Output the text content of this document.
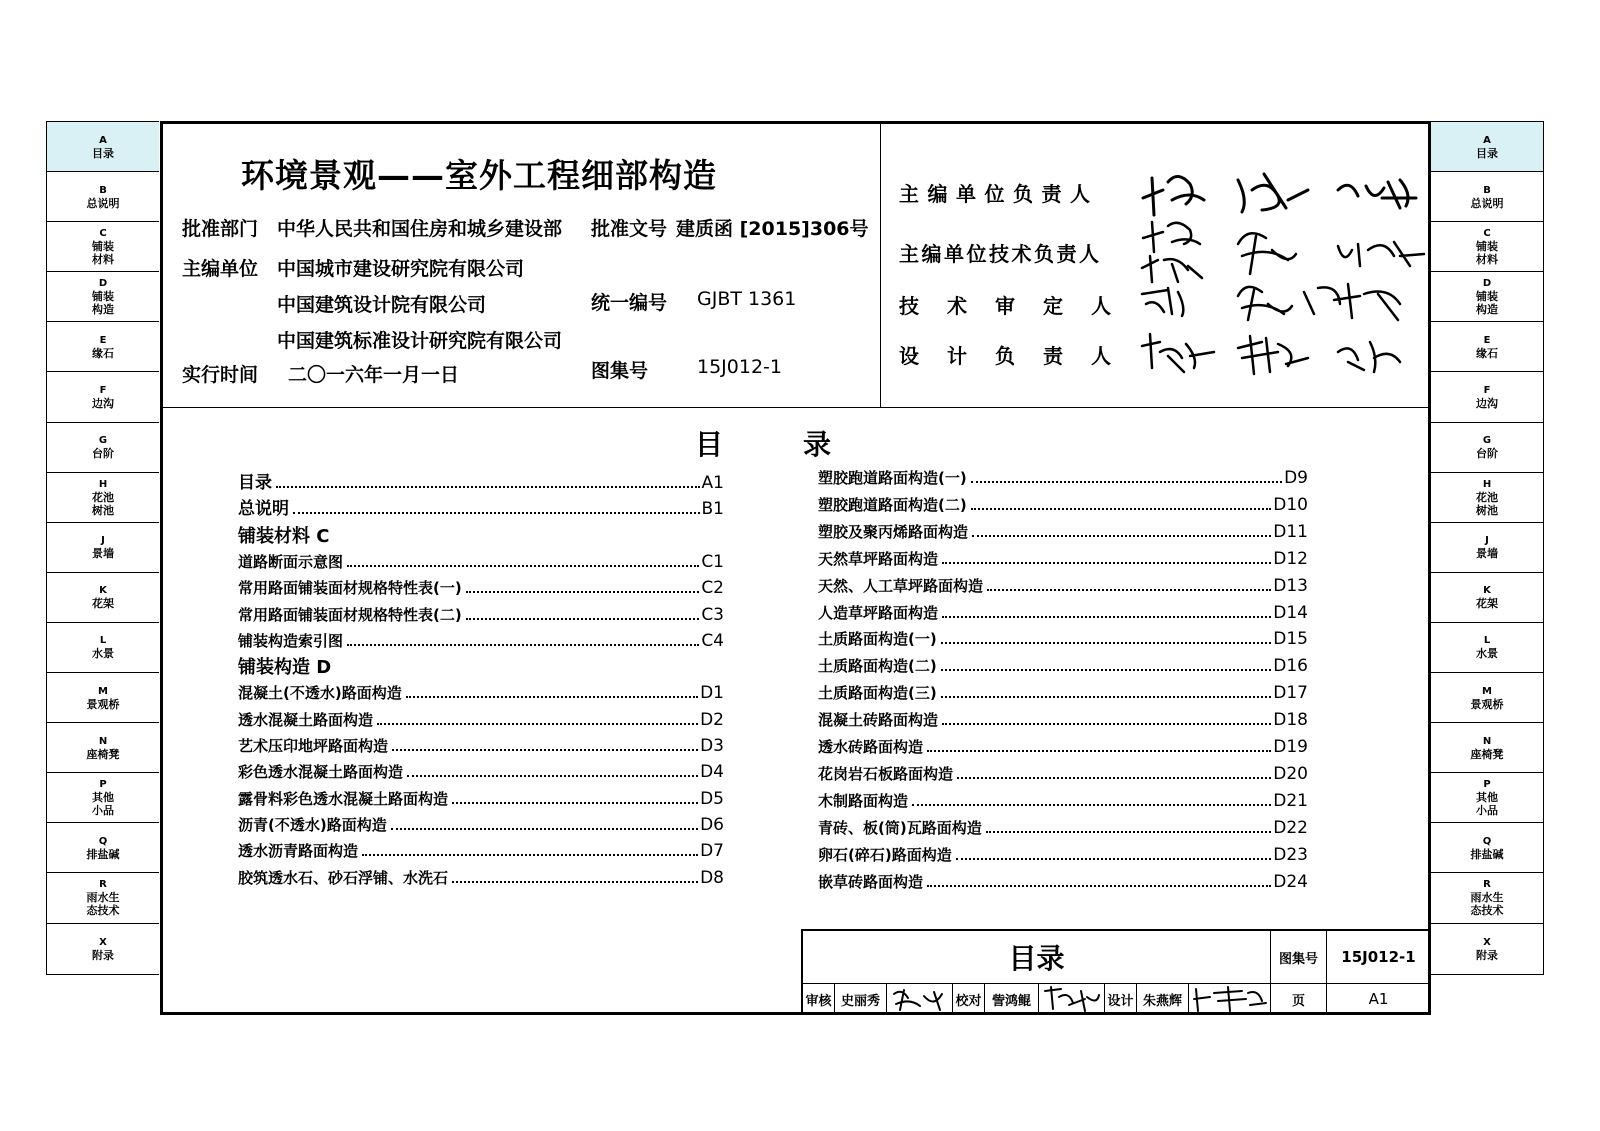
A
目录
B
总说明
C
铺装
材料
D
铺装
构造
E
缘石
F
边沟
G
台阶
H
花池
树池
J
景墙
K
花架
L
水景
M
景观桥
N
座椅凳
P
其他
小品
Q
排盐碱
R
雨水生
态技术
X
附录
A
目录
B
总说明
C
铺装
材料
D
铺装
构造
E
缘石
F
边沟
G
台阶
H
花池
树池
J
景墙
K
花架
L
水景
M
景观桥
N
座椅凳
P
其他
小品
Q
排盐碱
R
雨水生
态技术
X
附录
环境景观——室外工程细部构造
批准部门 中华人民共和国住房和城乡建设部 批准文号 建质函 [2015]306号
主编单位 中国城市建设研究院有限公司
中国建筑设计院有限公司
中国建筑标准设计研究院有限公司
统一编号 GJBT 1361
实行时间 二〇一六年一月一日	图集号	15J012-1
主编单位负责人
主编单位技术负责人
技术审定人
设计负责人
目录
目录	A1
总说明	B1
铺装材料 C
道路断面示意图	C1
常用路面铺装面材规格特性表(一)	C2
常用路面铺装面材规格特性表(二)	C3
铺装构造索引图	C4
铺装构造 D
混凝土(不透水)路面构造	D1
透水混凝土路面构造	D2
艺术压印地坪路面构造	D3
彩色透水混凝土路面构造	D4
露骨料彩色透水混凝土路面构造	D5
沥青(不透水)路面构造	D6
透水沥青路面构造	D7
胶筑透水石、砂石浮铺、水洗石	D8
塑胶跑道路面构造(一)	D9
塑胶跑道路面构造(二)	D10
塑胶及聚丙烯路面构造	D11
天然草坪路面构造	D12
天然、人工草坪路面构造	D13
人造草坪路面构造	D14
土质路面构造(一)	D15
土质路面构造(二)	D16
土质路面构造(三)	D17
混凝土砖路面构造	D18
透水砖路面构造	D19
花岗岩石板路面构造	D20
木制路面构造	D21
青砖、板(筒)瓦路面构造	D22
卵石(碎石)路面构造	D23
嵌草砖路面构造	D24
目录	图集号	15J012-1
审核 史丽秀	校对 訾鸿鲲	设计 朱燕辉	页	A1
